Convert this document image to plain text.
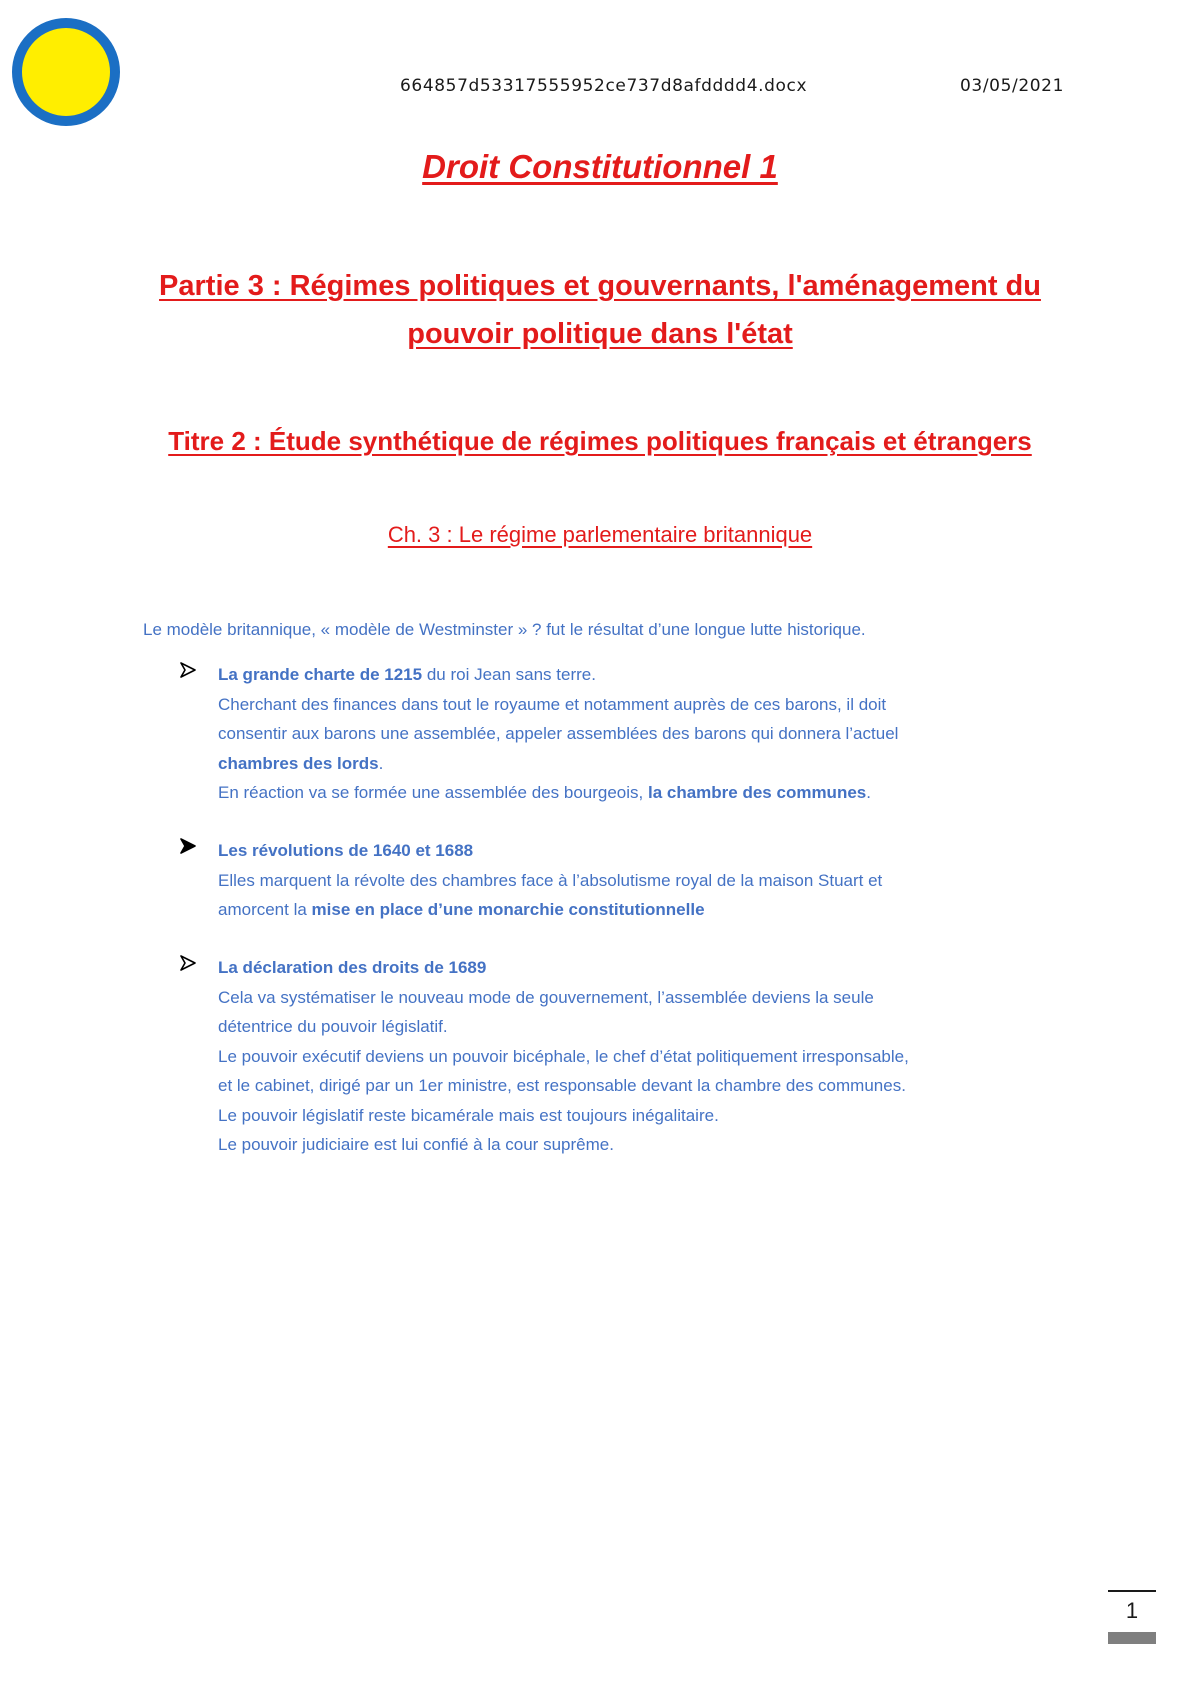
664857d53317555952ce737d8afdddd4.docx	03/05/2021
Droit Constitutionnel 1
Partie 3 : Régimes politiques et gouvernants, l'aménagement du pouvoir politique dans l'état
Titre 2 : Étude synthétique de régimes politiques français et étrangers
Ch. 3 : Le régime parlementaire britannique
Le modèle britannique, « modèle de Westminster » ? fut le résultat d’une longue lutte historique.
La grande charte de 1215 du roi Jean sans terre.
Cherchant des finances dans tout le royaume et notamment auprès de ces barons, il doit
consentir aux barons une assemblée, appeler assemblées des barons qui donnera l’actuel
chambres des lords.
En réaction va se formée une assemblée des bourgeois, la chambre des communes.
Les révolutions de 1640 et 1688
Elles marquent la révolte des chambres face à l’absolutisme royal de la maison Stuart et
amorcent la mise en place d’une monarchie constitutionnelle
La déclaration des droits de 1689
Cela va systématiser le nouveau mode de gouvernement, l’assemblée deviens la seule
détentrice du pouvoir législatif.
Le pouvoir exécutif deviens un pouvoir bicéphale, le chef d’état politiquement irresponsable,
et le cabinet, dirigé par un 1er ministre, est responsable devant la chambre des communes.
Le pouvoir législatif reste bicamérale mais est toujours inégalitaire.
Le pouvoir judiciaire est lui confié à la cour suprême.
1
